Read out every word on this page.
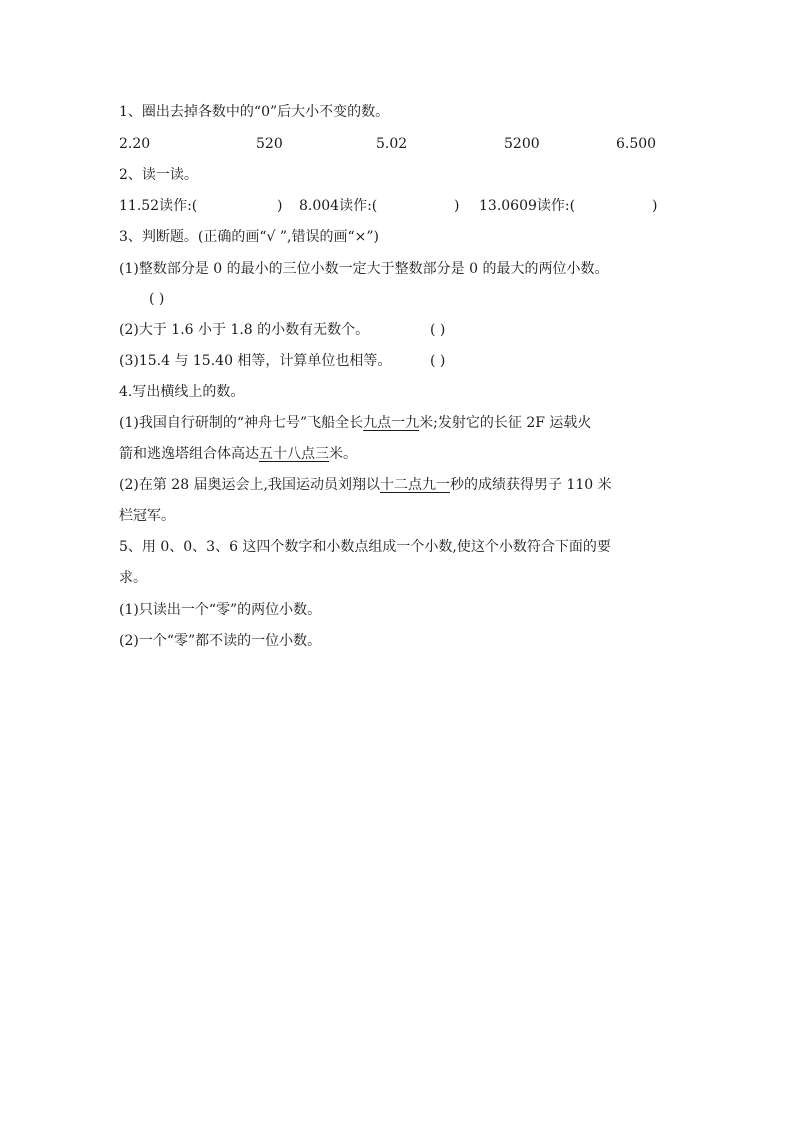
1、圈出去掉各数中的“0”后大小不变的数。
2.20	520	5.02	5200	6.500
2、读一读。
11.52读作:(	) 8.004读作:(	) 13.0609读作:(	)
3、判断题。(正确的画“√ ”,错误的画“×”)
(1)整数部分是 0 的最小的三位小数一定大于整数部分是 0 的最大的两位小数。
( )
(2)大于 1.6 小于 1.8 的小数有无数个。	( )
(3)15.4 与 15.40 相等，计算单位也相等。	( )
4.写出横线上的数。
(1)我国自行研制的“神舟七号”飞船全长九点一九米;发射它的长征 2F 运载火
箭和逃逸塔组合体高达五十八点三米。
(2)在第 28 届奥运会上,我国运动员刘翔以十二点九一秒的成绩获得男子 110 米
栏冠军。
5、用 0、0、3、6 这四个数字和小数点组成一个小数,使这个小数符合下面的要
求。
(1)只读出一个“零”的两位小数。
(2)一个“零”都不读的一位小数。
